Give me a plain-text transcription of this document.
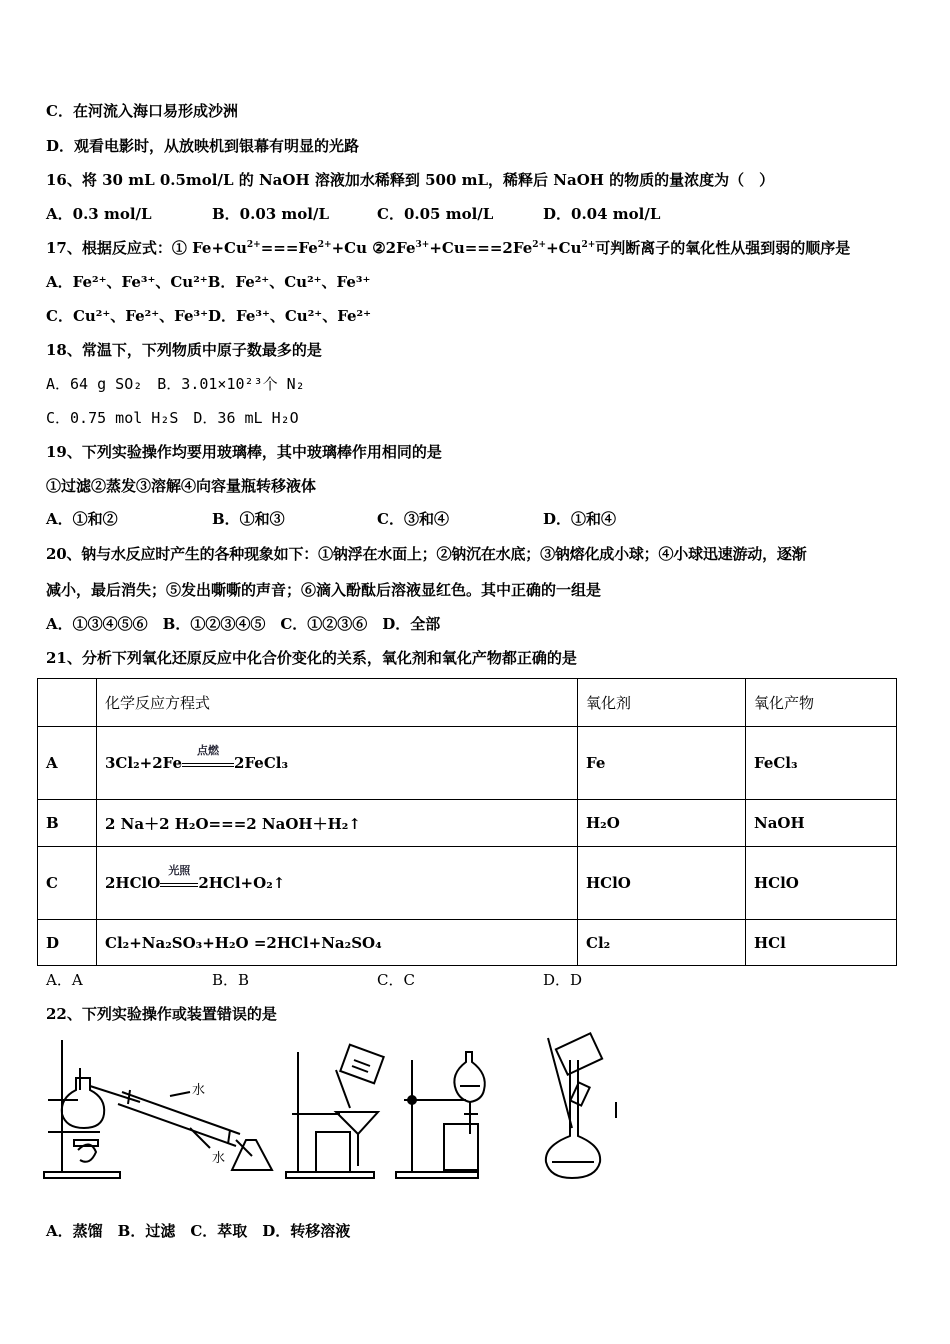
C．在河流入海口易形成沙洲
D．观看电影时，从放映机到银幕有明显的光路
16、将 30 mL 0.5mol/L 的 NaOH 溶液加水稀释到 500 mL，稀释后 NaOH 的物质的量浓度为（　）
A．0.3 mol/L	B．0.03 mol/L	C．0.05 mol/L	D．0.04 mol/L
17、根据反应式：① $Fe+Cu^{2+}===Fe^{2+}+Cu$ $②2Fe^{3+}+Cu===2Fe^{2+}+Cu^{2+}$可判断离子的氧化性从强到弱的顺序是
A．Fe²⁺、Fe³⁺、Cu²⁺B．Fe²⁺、Cu²⁺、Fe³⁺
C．Cu²⁺、Fe²⁺、Fe³⁺D．Fe³⁺、Cu²⁺、Fe²⁺
18、常温下，下列物质中原子数最多的是
A．64 g SO₂　B．3.01×10²³个 N₂
C．0.75 mol H₂S　D．36 mL H₂O
19、下列实验操作均要用玻璃棒，其中玻璃棒作用相同的是
①过滤②蒸发③溶解④向容量瓶转移液体
A．①和②	B．①和③	C．③和④	D．①和④
20、钠与水反应时产生的各种现象如下：①钠浮在水面上；②钠沉在水底；③钠熔化成小球；④小球迅速游动，逐渐
减小，最后消失；⑤发出嘶嘶的声音；⑥滴入酚酞后溶液显红色。其中正确的一组是
A．①③④⑤⑥　B．①②③④⑤　C．①②③⑥　D．全部
21、分析下列氧化还原反应中化合价变化的关系，氧化剂和氧化产物都正确的是
	化学反应方程式	氧化剂	氧化产物
A	3Cl₂+2Fe
点燃
2FeCl₃	Fe	FeCl₃
B	2 Na＋2 H₂O===2 NaOH＋H₂↑	H₂O	NaOH
C	2HClO
光照
2HCl+O₂↑	HClO	HClO
D	Cl₂+Na₂SO₃+H₂O =2HCl+Na₂SO₄	Cl₂	HCl
A．A	B．B	C．C	D．D
22、下列实验操作或装置错误的是
水
水
A．蒸馏　B．过滤　C．萃取　D．转移溶液
